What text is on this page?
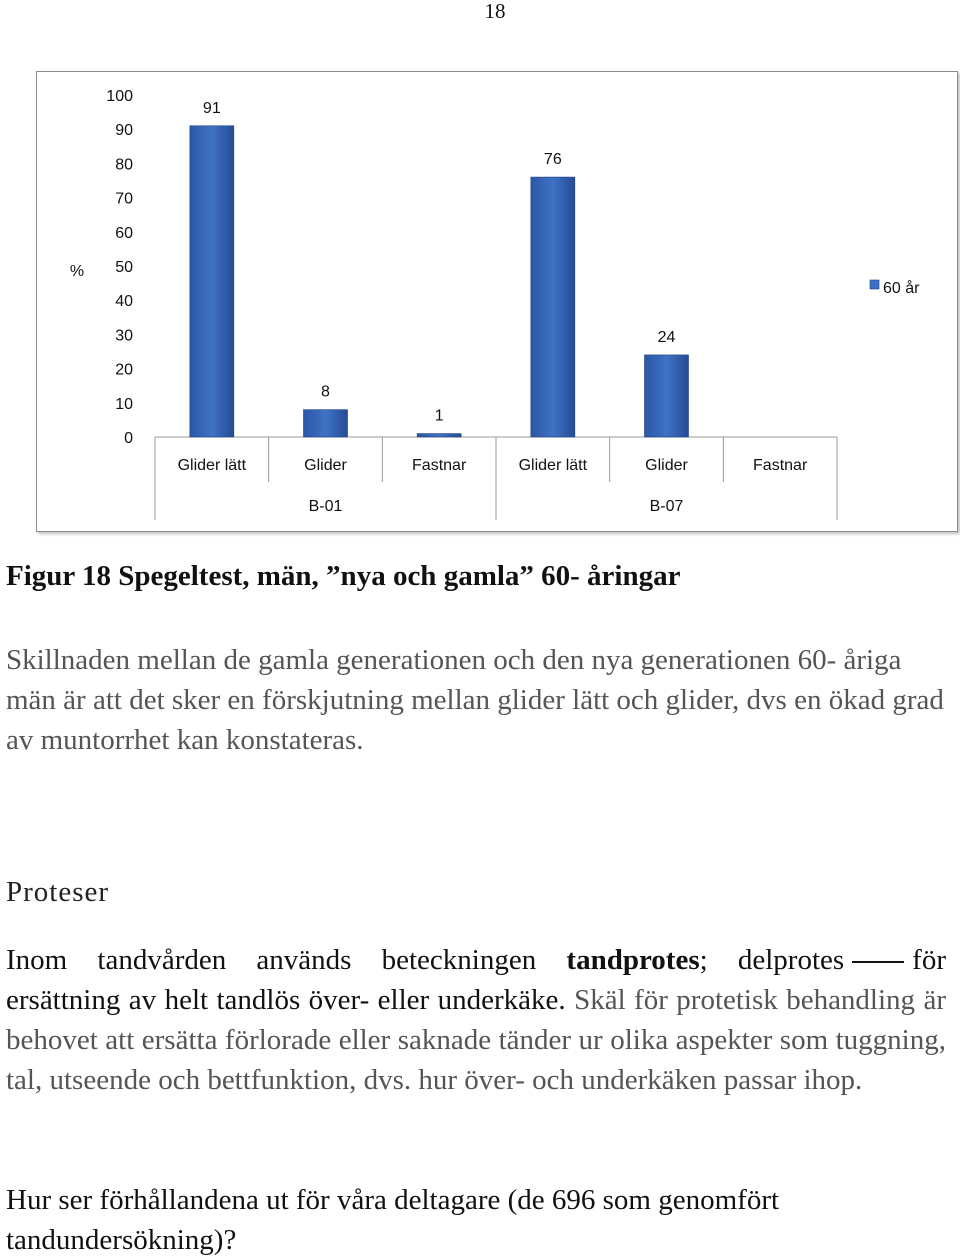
18
100
90
80
70
60
50
40
30
20
10
0
%
91
Glider lätt
8
Glider
1
Fastnar
76
Glider lätt
24
Glider	Fastnar
B-01	B-07
60 år
Figur 18 Spegeltest, män, ”nya och gamla” 60- åringar

Skillnaden mellan de gamla generationen och den nya generationen 60- åriga män är att det sker en förskjutning mellan glider lätt och glider, dvs en ökad grad av muntorrhet kan konstateras.

Proteser

Inom tandvården används beteckningen tandprotes; delprotes för ersättning av helt tandlös över- eller underkäke. Skäl för protetisk behandling är behovet att ersätta förlorade eller saknade tänder ur olika aspekter som tuggning, tal, utseende och bettfunktion, dvs. hur över- och underkäken passar ihop.

Hur ser förhållandena ut för våra deltagare (de 696 som genomfört tandundersökning)?
